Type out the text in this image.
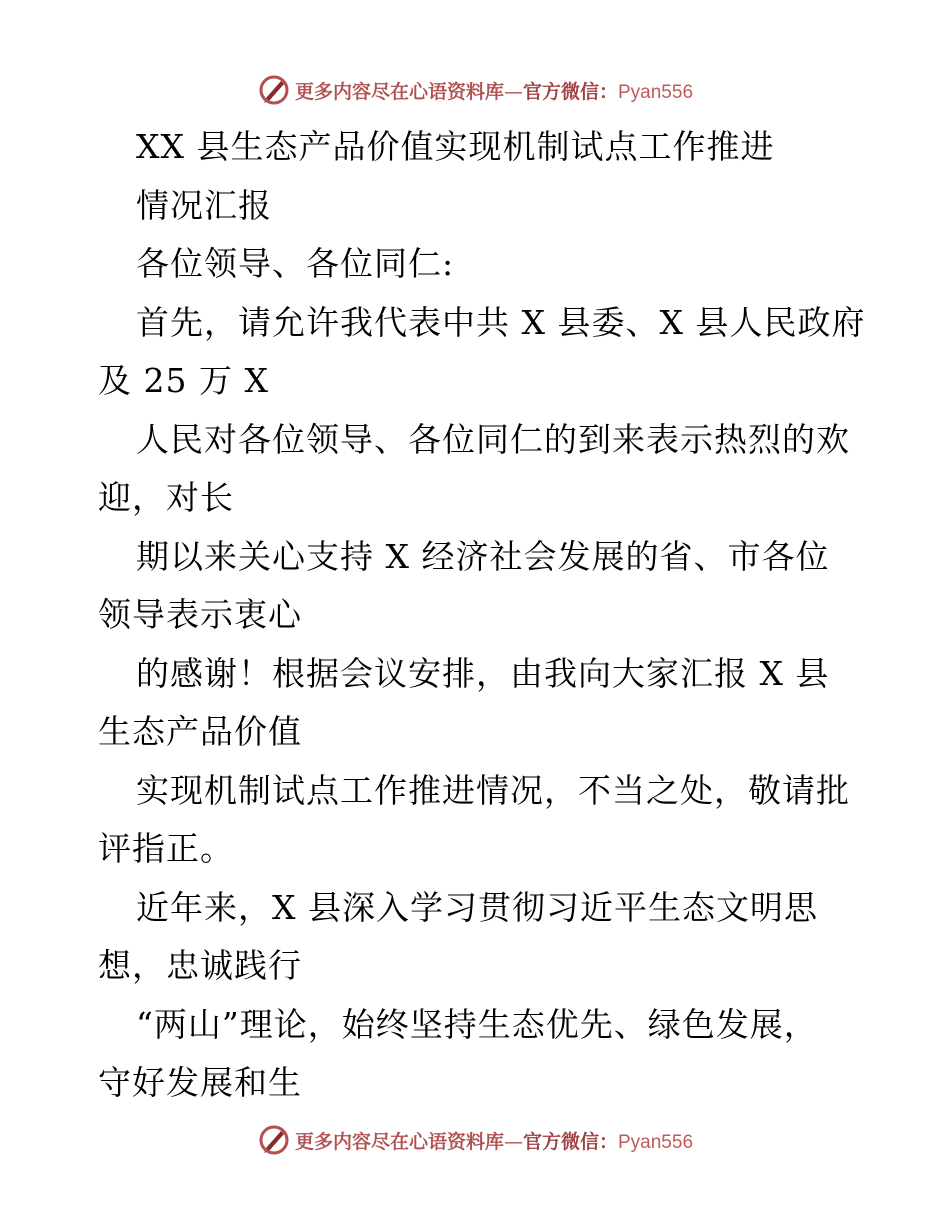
更多内容尽在心语资料库—官方微信：Pyan556
XX 县生态产品价值实现机制试点工作推进
情况汇报
各位领导、各位同仁:
首先，请允许我代表中共 X 县委、X 县人民政府
及 25 万 X
人民对各位领导、各位同仁的到来表示热烈的欢
迎，对长
期以来关心支持 X 经济社会发展的省、市各位
领导表示衷心
的感谢！根据会议安排，由我向大家汇报 X 县
生态产品价值
实现机制试点工作推进情况，不当之处，敬请批
评指正。
近年来，X 县深入学习贯彻习近平生态文明思
想，忠诚践行
“两山”理论，始终坚持生态优先、绿色发展，
守好发展和生
更多内容尽在心语资料库—官方微信：Pyan556
